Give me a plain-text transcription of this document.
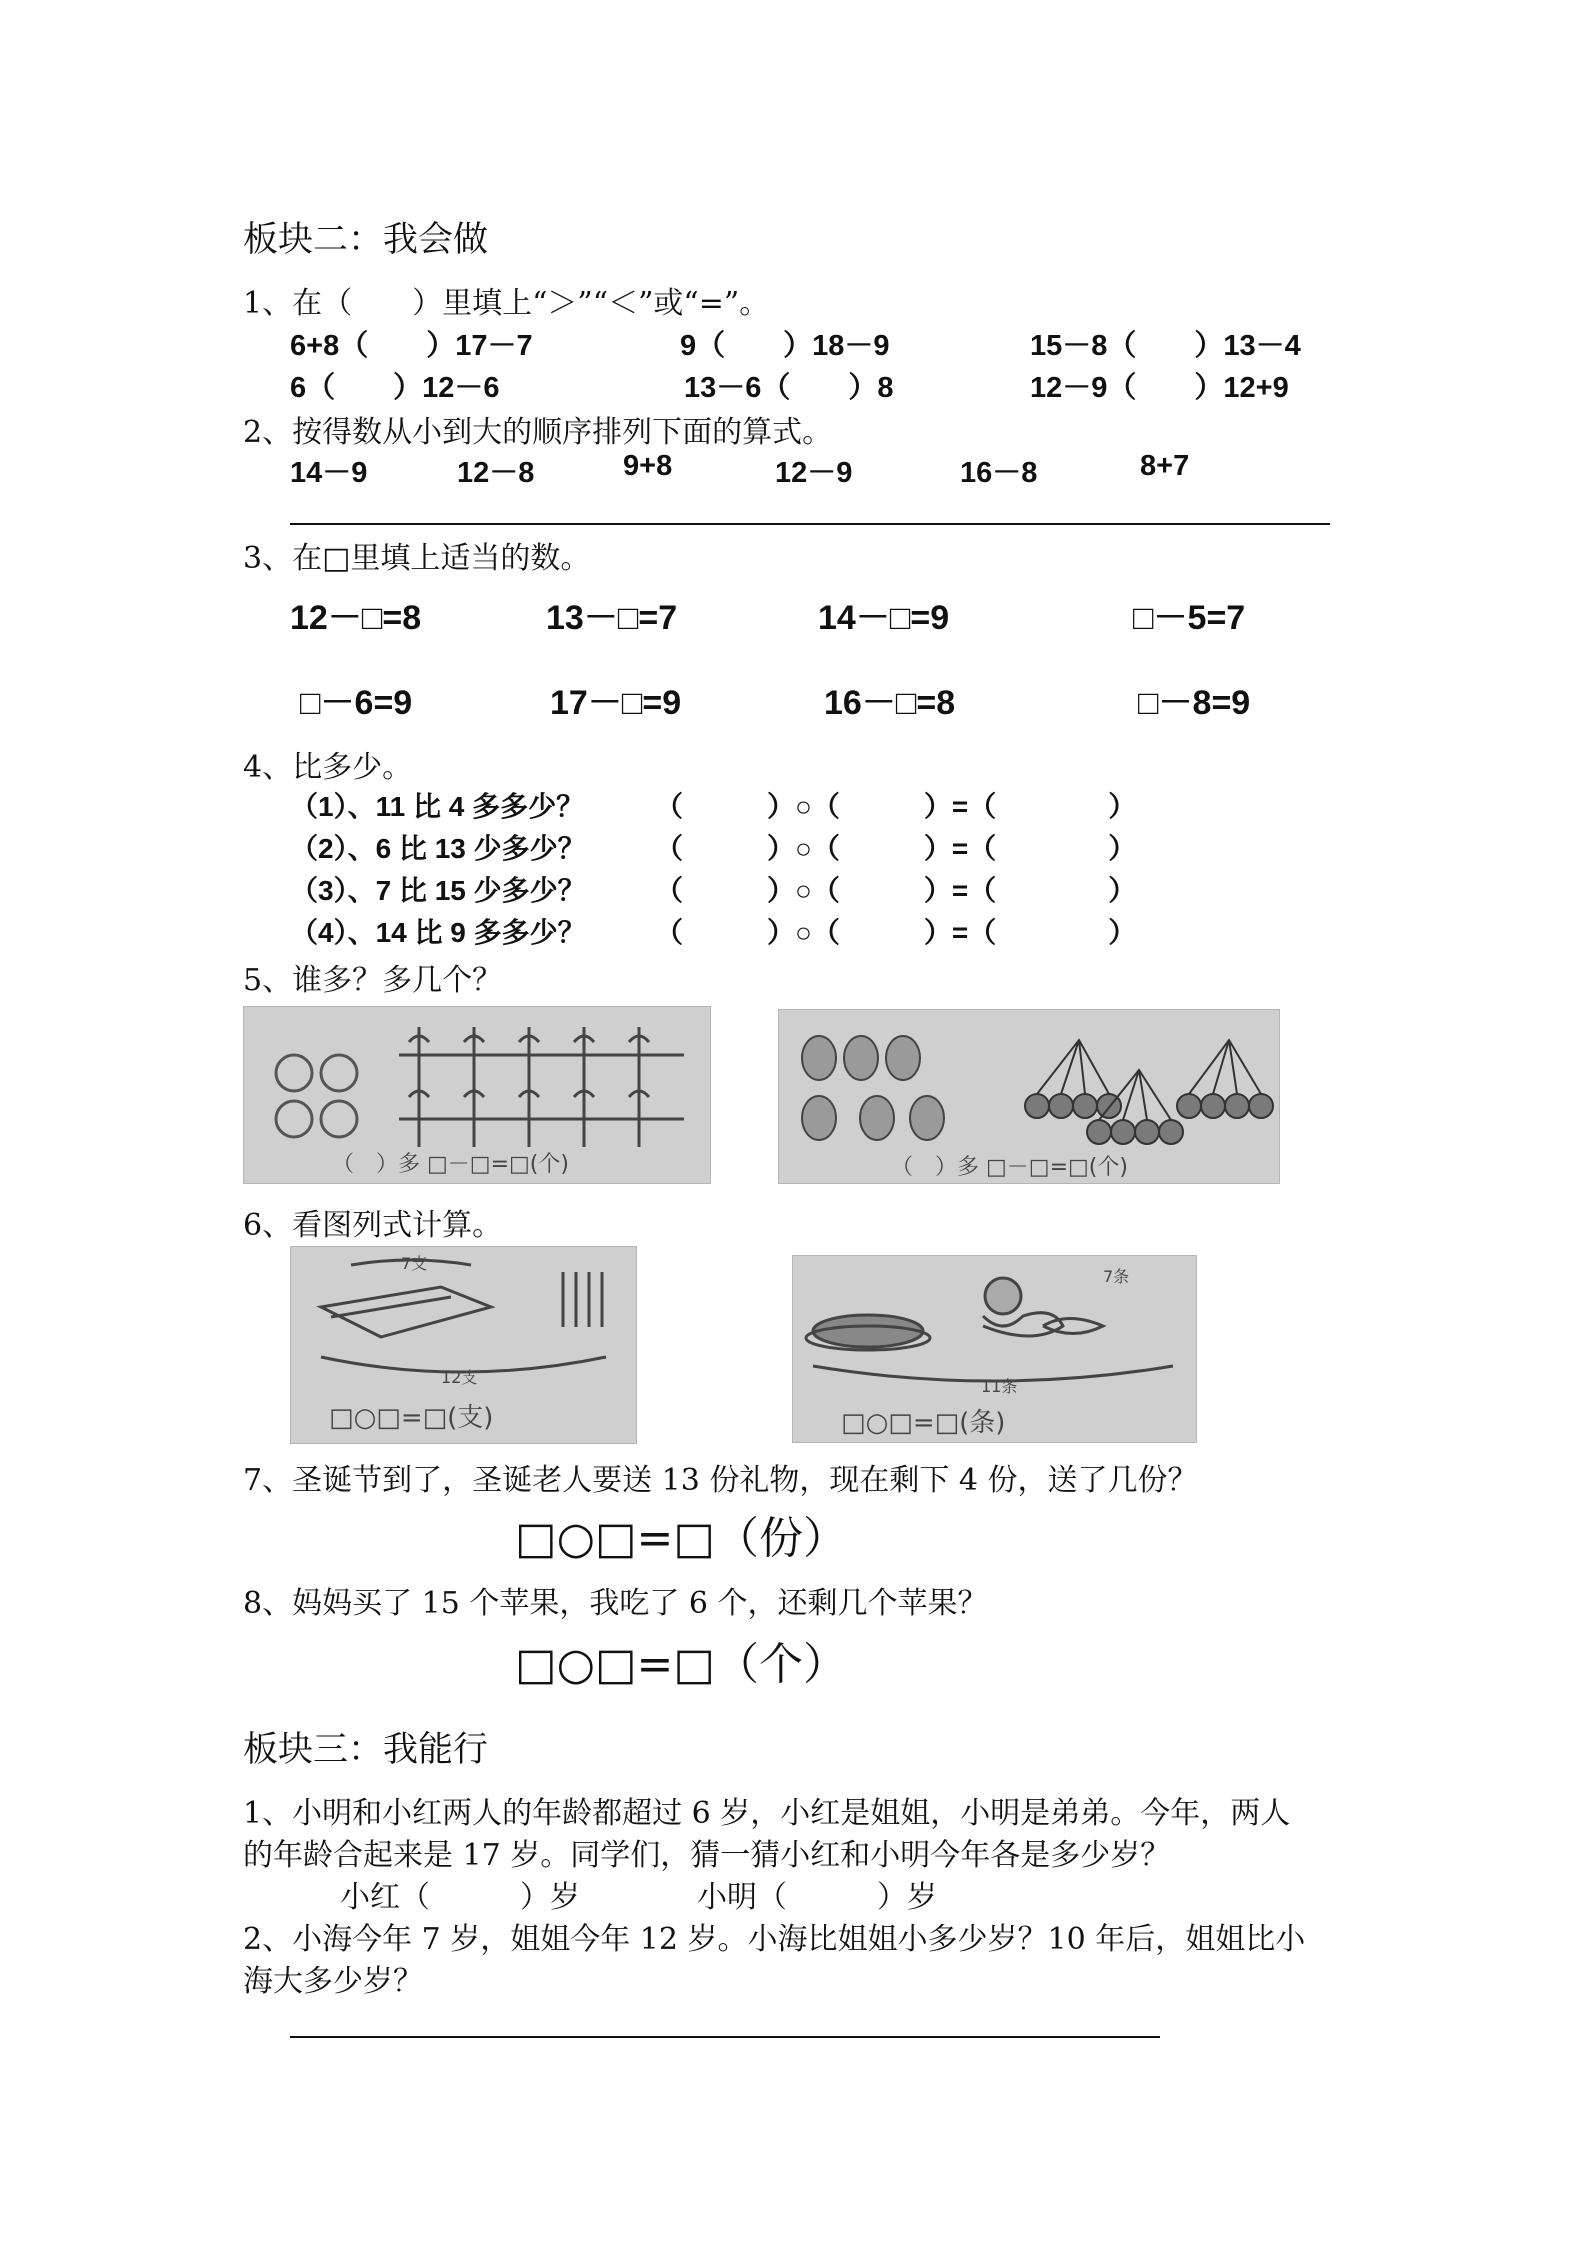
板块二：我会做
1、在（　　）里填上“＞”“＜”或“=”。
6+8（　　）17－7	9（　　）18－9	15－8（　　）13－4
6（　　）12－6	13－6（　　）8	12－9（　　）12+9
2、按得数从小到大的顺序排列下面的算式。
14－9	12－8	9+8	12－9	16－8	8+7
3、在□里填上适当的数。
12－□=8	13－□=7	14－□=9	□－5=7
□－6=9	17－□=9	16－□=8	□－8=9
4、比多少。
（1）、11 比 4 多多少？	（　　　）○（　　　）=（　　　　）
（2）、6 比 13 少多少？ （　　　）○（　　　）=（　　　　）
（3）、7 比 15 少多少？ （　　　）○（　　　）=（　　　　）
（4）、14 比 9 多多少？ （　　　）○（　　　）=（　　　　）
5、谁多？多几个？
（　）多 □－□=□(个)	（　）多 □－□=□(个)
6、看图列式计算。
7支
12支
□○□=□(支)
7条
11条
□○□=□(条)
7、圣诞节到了，圣诞老人要送 13 份礼物，现在剩下 4 份，送了几份？
□○□=□（份）
8、妈妈买了 15 个苹果，我吃了 6 个，还剩几个苹果？
□○□=□（个）
板块三：我能行
1、小明和小红两人的年龄都超过 6 岁，小红是姐姐，小明是弟弟。今年，两人
的年龄合起来是 17 岁。同学们，猜一猜小红和小明今年各是多少岁？
小红（　　　）岁	小明（　　　）岁
2、小海今年 7 岁，姐姐今年 12 岁。小海比姐姐小多少岁？10 年后，姐姐比小
海大多少岁？
